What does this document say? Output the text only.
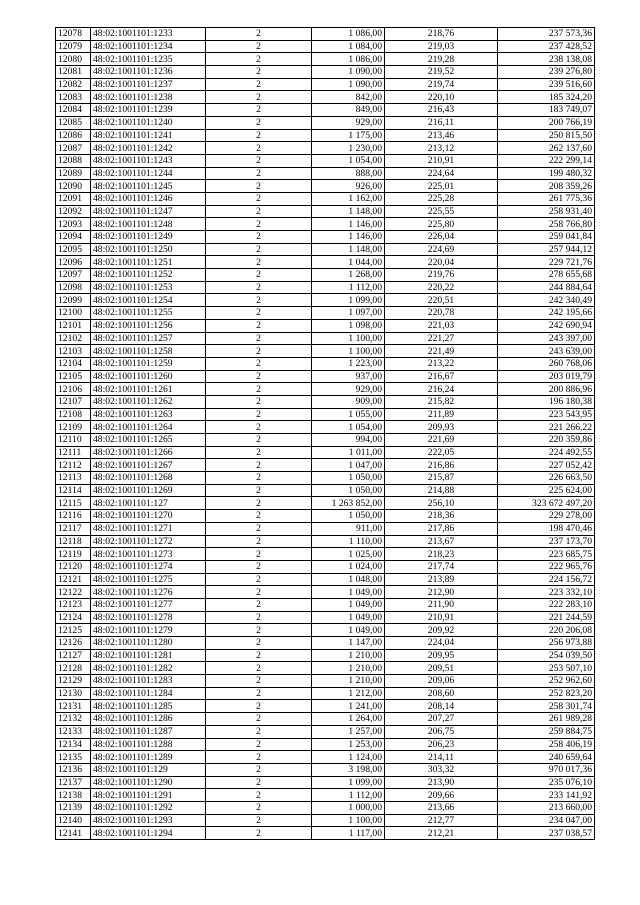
12078	48:02:1001101:1233	2	1 086,00	218,76	237 573,36
12079	48:02:1001101:1234	2	1 084,00	219,03	237 428,52
12080	48:02:1001101:1235	2	1 086,00	219,28	238 138,08
12081	48:02:1001101:1236	2	1 090,00	219,52	239 276,80
12082	48:02:1001101:1237	2	1 090,00	219,74	239 516,60
12083	48:02:1001101:1238	2	842,00	220,10	185 324,20
12084	48:02:1001101:1239	2	849,00	216,43	183 749,07
12085	48:02:1001101:1240	2	929,00	216,11	200 766,19
12086	48:02:1001101:1241	2	1 175,00	213,46	250 815,50
12087	48:02:1001101:1242	2	1 230,00	213,12	262 137,60
12088	48:02:1001101:1243	2	1 054,00	210,91	222 299,14
12089	48:02:1001101:1244	2	888,00	224,64	199 480,32
12090	48:02:1001101:1245	2	926,00	225,01	208 359,26
12091	48:02:1001101:1246	2	1 162,00	225,28	261 775,36
12092	48:02:1001101:1247	2	1 148,00	225,55	258 931,40
12093	48:02:1001101:1248	2	1 146,00	225,80	258 766,80
12094	48:02:1001101:1249	2	1 146,00	226,04	259 041,84
12095	48:02:1001101:1250	2	1 148,00	224,69	257 944,12
12096	48:02:1001101:1251	2	1 044,00	220,04	229 721,76
12097	48:02:1001101:1252	2	1 268,00	219,76	278 655,68
12098	48:02:1001101:1253	2	1 112,00	220,22	244 884,64
12099	48:02:1001101:1254	2	1 099,00	220,51	242 340,49
12100	48:02:1001101:1255	2	1 097,00	220,78	242 195,66
12101	48:02:1001101:1256	2	1 098,00	221,03	242 690,94
12102	48:02:1001101:1257	2	1 100,00	221,27	243 397,00
12103	48:02:1001101:1258	2	1 100,00	221,49	243 639,00
12104	48:02:1001101:1259	2	1 223,00	213,22	260 768,06
12105	48:02:1001101:1260	2	937,00	216,67	203 019,79
12106	48:02:1001101:1261	2	929,00	216,24	200 886,96
12107	48:02:1001101:1262	2	909,00	215,82	196 180,38
12108	48:02:1001101:1263	2	1 055,00	211,89	223 543,95
12109	48:02:1001101:1264	2	1 054,00	209,93	221 266,22
12110	48:02:1001101:1265	2	994,00	221,69	220 359,86
12111	48:02:1001101:1266	2	1 011,00	222,05	224 492,55
12112	48:02:1001101:1267	2	1 047,00	216,86	227 052,42
12113	48:02:1001101:1268	2	1 050,00	215,87	226 663,50
12114	48:02:1001101:1269	2	1 050,00	214,88	225 624,00
12115	48:02:1001101:127	2	1 263 852,00	256,10	323 672 497,20
12116	48:02:1001101:1270	2	1 050,00	218,36	229 278,00
12117	48:02:1001101:1271	2	911,00	217,86	198 470,46
12118	48:02:1001101:1272	2	1 110,00	213,67	237 173,70
12119	48:02:1001101:1273	2	1 025,00	218,23	223 685,75
12120	48:02:1001101:1274	2	1 024,00	217,74	222 965,76
12121	48:02:1001101:1275	2	1 048,00	213,89	224 156,72
12122	48:02:1001101:1276	2	1 049,00	212,90	223 332,10
12123	48:02:1001101:1277	2	1 049,00	211,90	222 283,10
12124	48:02:1001101:1278	2	1 049,00	210,91	221 244,59
12125	48:02:1001101:1279	2	1 049,00	209,92	220 206,08
12126	48:02:1001101:1280	2	1 147,00	224,04	256 973,88
12127	48:02:1001101:1281	2	1 210,00	209,95	254 039,50
12128	48:02:1001101:1282	2	1 210,00	209,51	253 507,10
12129	48:02:1001101:1283	2	1 210,00	209,06	252 962,60
12130	48:02:1001101:1284	2	1 212,00	208,60	252 823,20
12131	48:02:1001101:1285	2	1 241,00	208,14	258 301,74
12132	48:02:1001101:1286	2	1 264,00	207,27	261 989,28
12133	48:02:1001101:1287	2	1 257,00	206,75	259 884,75
12134	48:02:1001101:1288	2	1 253,00	206,23	258 406,19
12135	48:02:1001101:1289	2	1 124,00	214,11	240 659,64
12136	48:02:1001101:129	2	3 198,00	303,32	970 017,36
12137	48:02:1001101:1290	2	1 099,00	213,90	235 076,10
12138	48:02:1001101:1291	2	1 112,00	209,66	233 141,92
12139	48:02:1001101:1292	2	1 000,00	213,66	213 660,00
12140	48:02:1001101:1293	2	1 100,00	212,77	234 047,00
12141	48:02:1001101:1294	2	1 117,00	212,21	237 038,57
